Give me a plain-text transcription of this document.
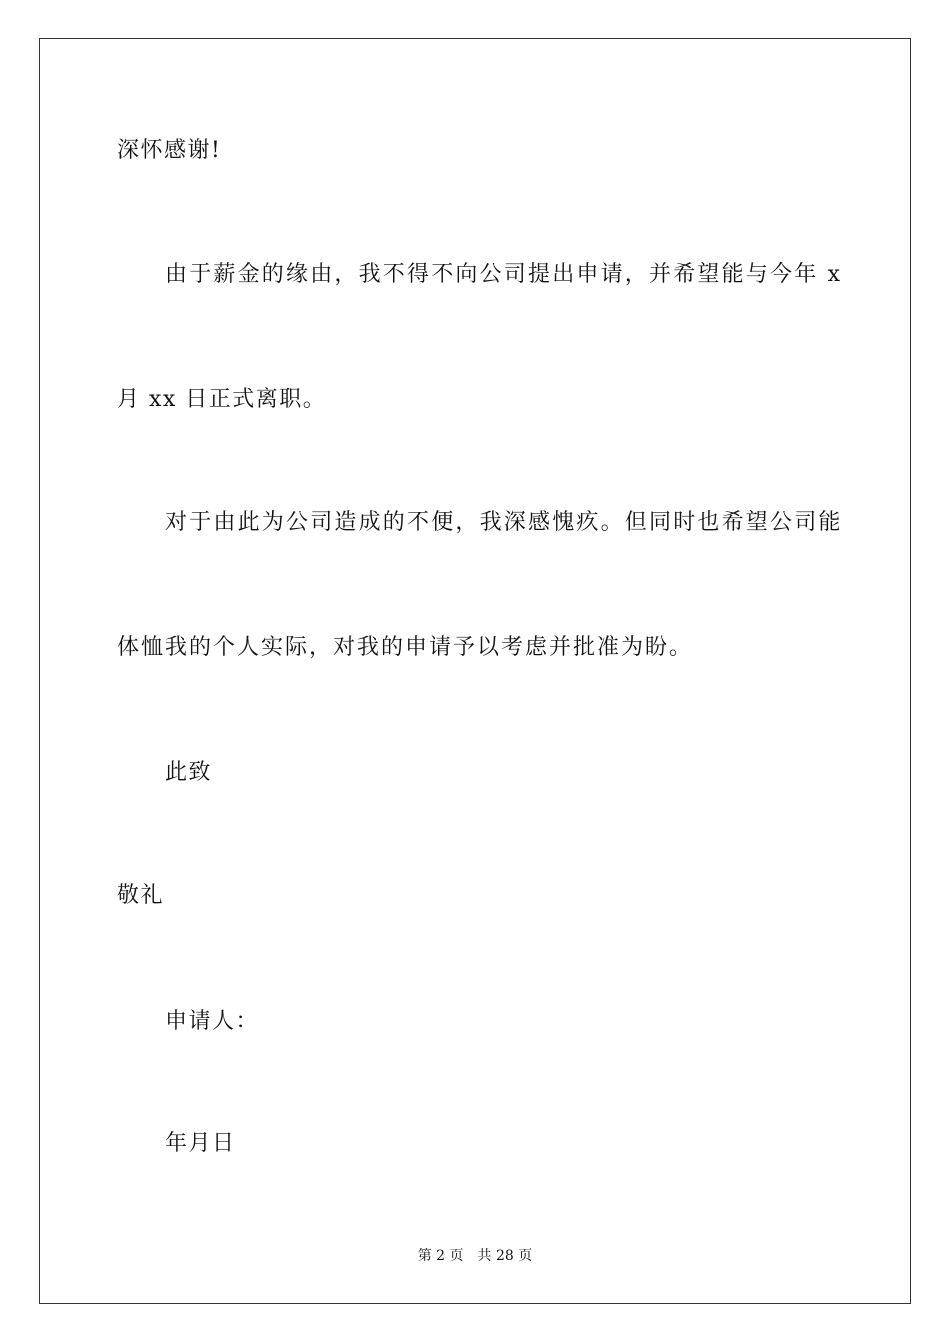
深怀感谢!
由于薪金的缘由，我不得不向公司提出申请，并希望能与今年 x
月 xx 日正式离职。
对于由此为公司造成的不便，我深感愧疚。但同时也希望公司能
体恤我的个人实际，对我的申请予以考虑并批准为盼。
此致
敬礼
申请人：
年月日
第 2 页　共 28 页
